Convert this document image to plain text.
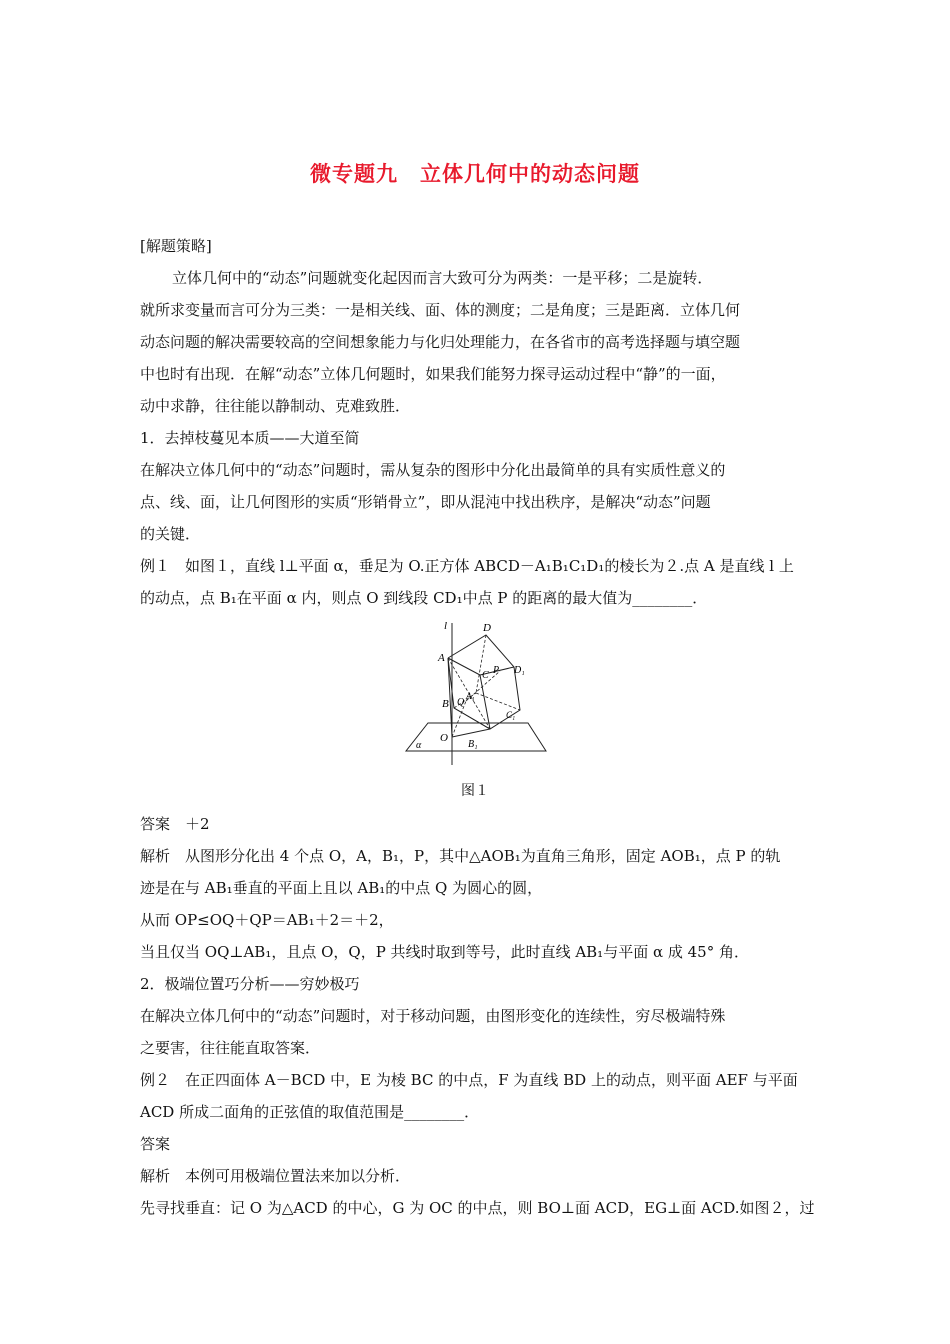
微专题九　立体几何中的动态问题
[解题策略]
立体几何中的“动态”问题就变化起因而言大致可分为两类：一是平移；二是旋转．
就所求变量而言可分为三类：一是相关线、面、体的测度；二是角度；三是距离．立体几何
动态问题的解决需要较高的空间想象能力与化归处理能力，在各省市的高考选择题与填空题
中也时有出现．在解“动态”立体几何题时，如果我们能努力探寻运动过程中“静”的一面，
动中求静，往往能以静制动、克难致胜．
1．去掉枝蔓见本质——大道至简
在解决立体几何中的“动态”问题时，需从复杂的图形中分化出最简单的具有实质性意义的
点、线、面，让几何图形的实质“形销骨立”，即从混沌中找出秩序，是解决“动态”问题
的关键．
例１　如图１，直线 l⊥平面 α，垂足为 O.正方体 ABCD－A₁B₁C₁D₁的棱长为２.点 A 是直线 l 上
的动点，点 B₁在平面 α 内，则点 O 到线段 CD₁中点 P 的距离的最大值为________．
l	D
A
C P D₁
B Q
A₁
C₁
O
B₁
α
图１
答案　＋2
解析　从图形分化出 4 个点 O，A，B₁，P，其中△AOB₁为直角三角形，固定 AOB₁，点 P 的轨
迹是在与 AB₁垂直的平面上且以 AB₁的中点 Q 为圆心的圆，
从而 OP≤OQ＋QP＝AB₁＋2＝＋2，
当且仅当 OQ⊥AB₁，且点 O，Q，P 共线时取到等号，此时直线 AB₁与平面 α 成 45° 角．
2．极端位置巧分析——穷妙极巧
在解决立体几何中的“动态”问题时，对于移动问题，由图形变化的连续性，穷尽极端特殊
之要害，往往能直取答案．
例２　在正四面体 A－BCD 中，E 为棱 BC 的中点，F 为直线 BD 上的动点，则平面 AEF 与平面
ACD 所成二面角的正弦值的取值范围是________．
答案
解析　本例可用极端位置法来加以分析．
先寻找垂直：记 O 为△ACD 的中心，G 为 OC 的中点，则 BO⊥面 ACD，EG⊥面 ACD.如图２，过
